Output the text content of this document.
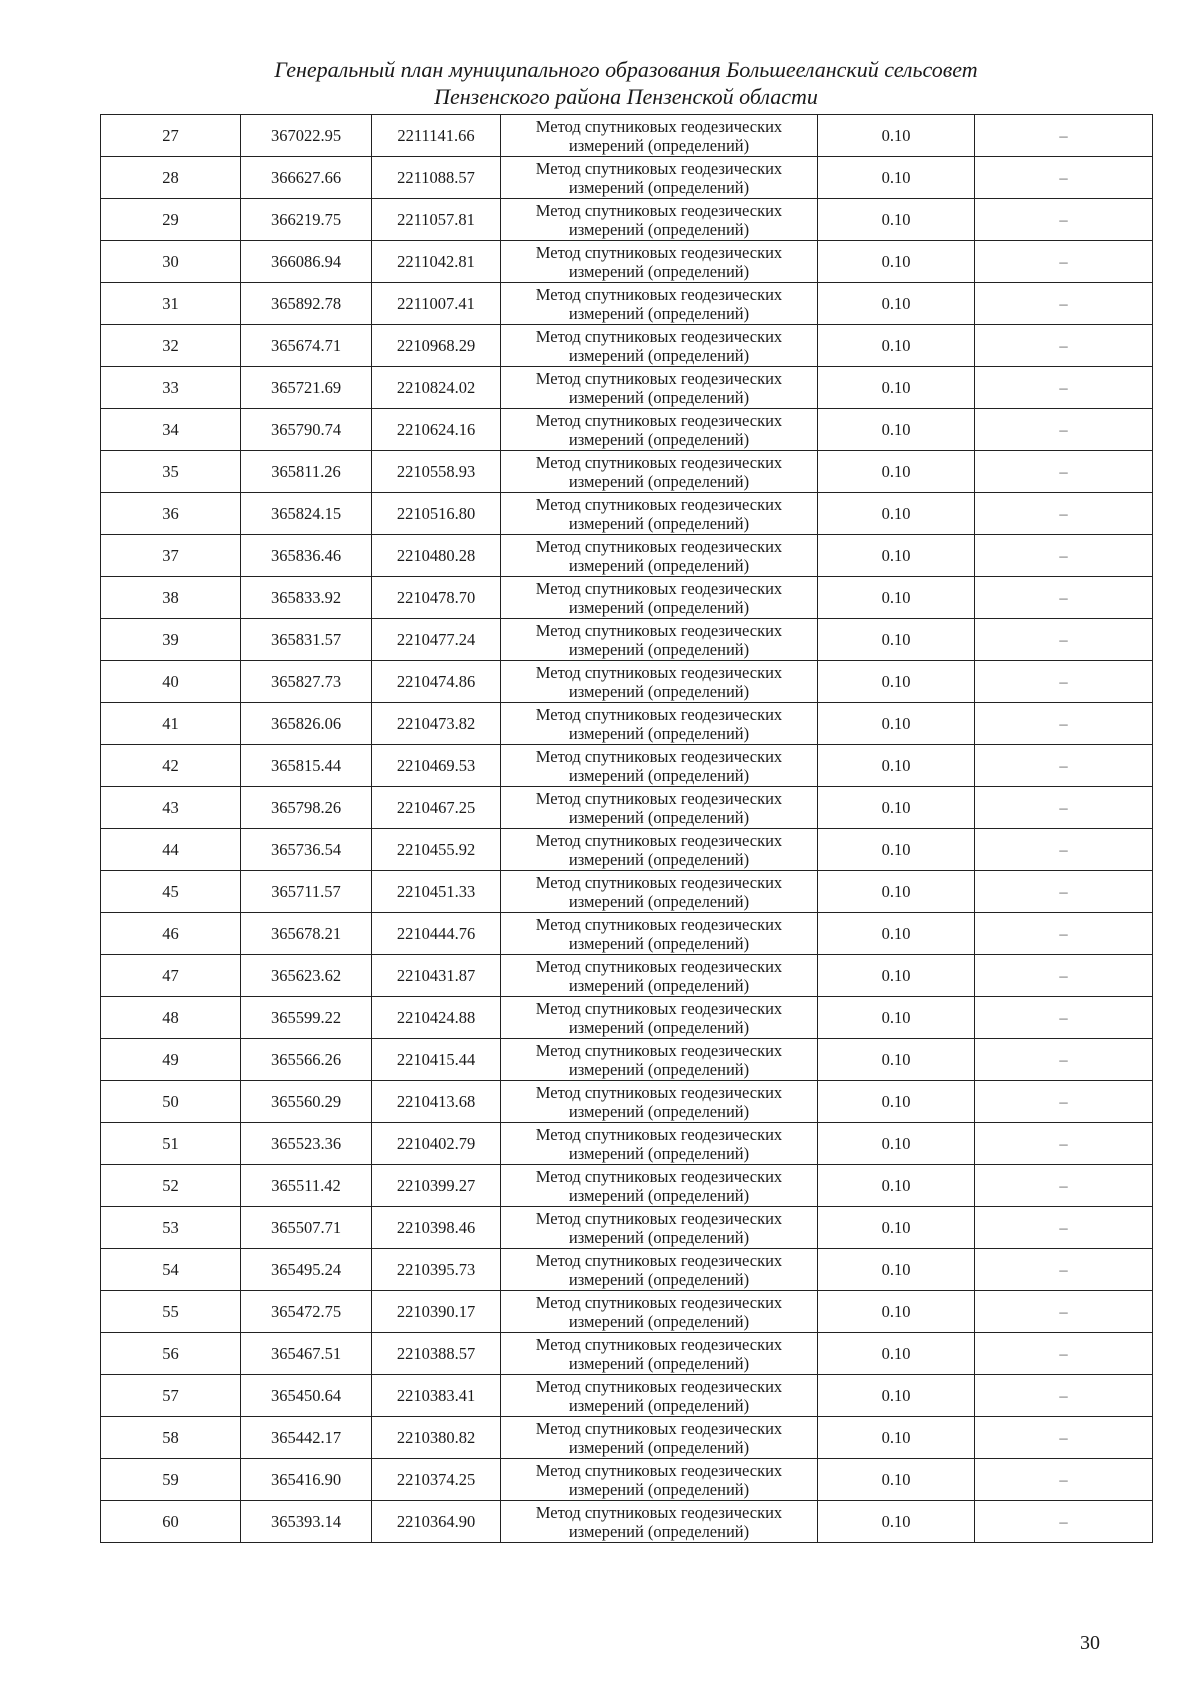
Генеральный план муниципального образования Большееланский сельсовет
Пензенского района Пензенской области
27	367022.95	2211141.66	Метод спутниковых геодезических
измерений (определений)	0.10	–
28	366627.66	2211088.57	Метод спутниковых геодезических
измерений (определений)	0.10	–
29	366219.75	2211057.81	Метод спутниковых геодезических
измерений (определений)	0.10	–
30	366086.94	2211042.81	Метод спутниковых геодезических
измерений (определений)	0.10	–
31	365892.78	2211007.41	Метод спутниковых геодезических
измерений (определений)	0.10	–
32	365674.71	2210968.29	Метод спутниковых геодезических
измерений (определений)	0.10	–
33	365721.69	2210824.02	Метод спутниковых геодезических
измерений (определений)	0.10	–
34	365790.74	2210624.16	Метод спутниковых геодезических
измерений (определений)	0.10	–
35	365811.26	2210558.93	Метод спутниковых геодезических
измерений (определений)	0.10	–
36	365824.15	2210516.80	Метод спутниковых геодезических
измерений (определений)	0.10	–
37	365836.46	2210480.28	Метод спутниковых геодезических
измерений (определений)	0.10	–
38	365833.92	2210478.70	Метод спутниковых геодезических
измерений (определений)	0.10	–
39	365831.57	2210477.24	Метод спутниковых геодезических
измерений (определений)	0.10	–
40	365827.73	2210474.86	Метод спутниковых геодезических
измерений (определений)	0.10	–
41	365826.06	2210473.82	Метод спутниковых геодезических
измерений (определений)	0.10	–
42	365815.44	2210469.53	Метод спутниковых геодезических
измерений (определений)	0.10	–
43	365798.26	2210467.25	Метод спутниковых геодезических
измерений (определений)	0.10	–
44	365736.54	2210455.92	Метод спутниковых геодезических
измерений (определений)	0.10	–
45	365711.57	2210451.33	Метод спутниковых геодезических
измерений (определений)	0.10	–
46	365678.21	2210444.76	Метод спутниковых геодезических
измерений (определений)	0.10	–
47	365623.62	2210431.87	Метод спутниковых геодезических
измерений (определений)	0.10	–
48	365599.22	2210424.88	Метод спутниковых геодезических
измерений (определений)	0.10	–
49	365566.26	2210415.44	Метод спутниковых геодезических
измерений (определений)	0.10	–
50	365560.29	2210413.68	Метод спутниковых геодезических
измерений (определений)	0.10	–
51	365523.36	2210402.79	Метод спутниковых геодезических
измерений (определений)	0.10	–
52	365511.42	2210399.27	Метод спутниковых геодезических
измерений (определений)	0.10	–
53	365507.71	2210398.46	Метод спутниковых геодезических
измерений (определений)	0.10	–
54	365495.24	2210395.73	Метод спутниковых геодезических
измерений (определений)	0.10	–
55	365472.75	2210390.17	Метод спутниковых геодезических
измерений (определений)	0.10	–
56	365467.51	2210388.57	Метод спутниковых геодезических
измерений (определений)	0.10	–
57	365450.64	2210383.41	Метод спутниковых геодезических
измерений (определений)	0.10	–
58	365442.17	2210380.82	Метод спутниковых геодезических
измерений (определений)	0.10	–
59	365416.90	2210374.25	Метод спутниковых геодезических
измерений (определений)	0.10	–
60	365393.14	2210364.90	Метод спутниковых геодезических
измерений (определений)	0.10	–
30
